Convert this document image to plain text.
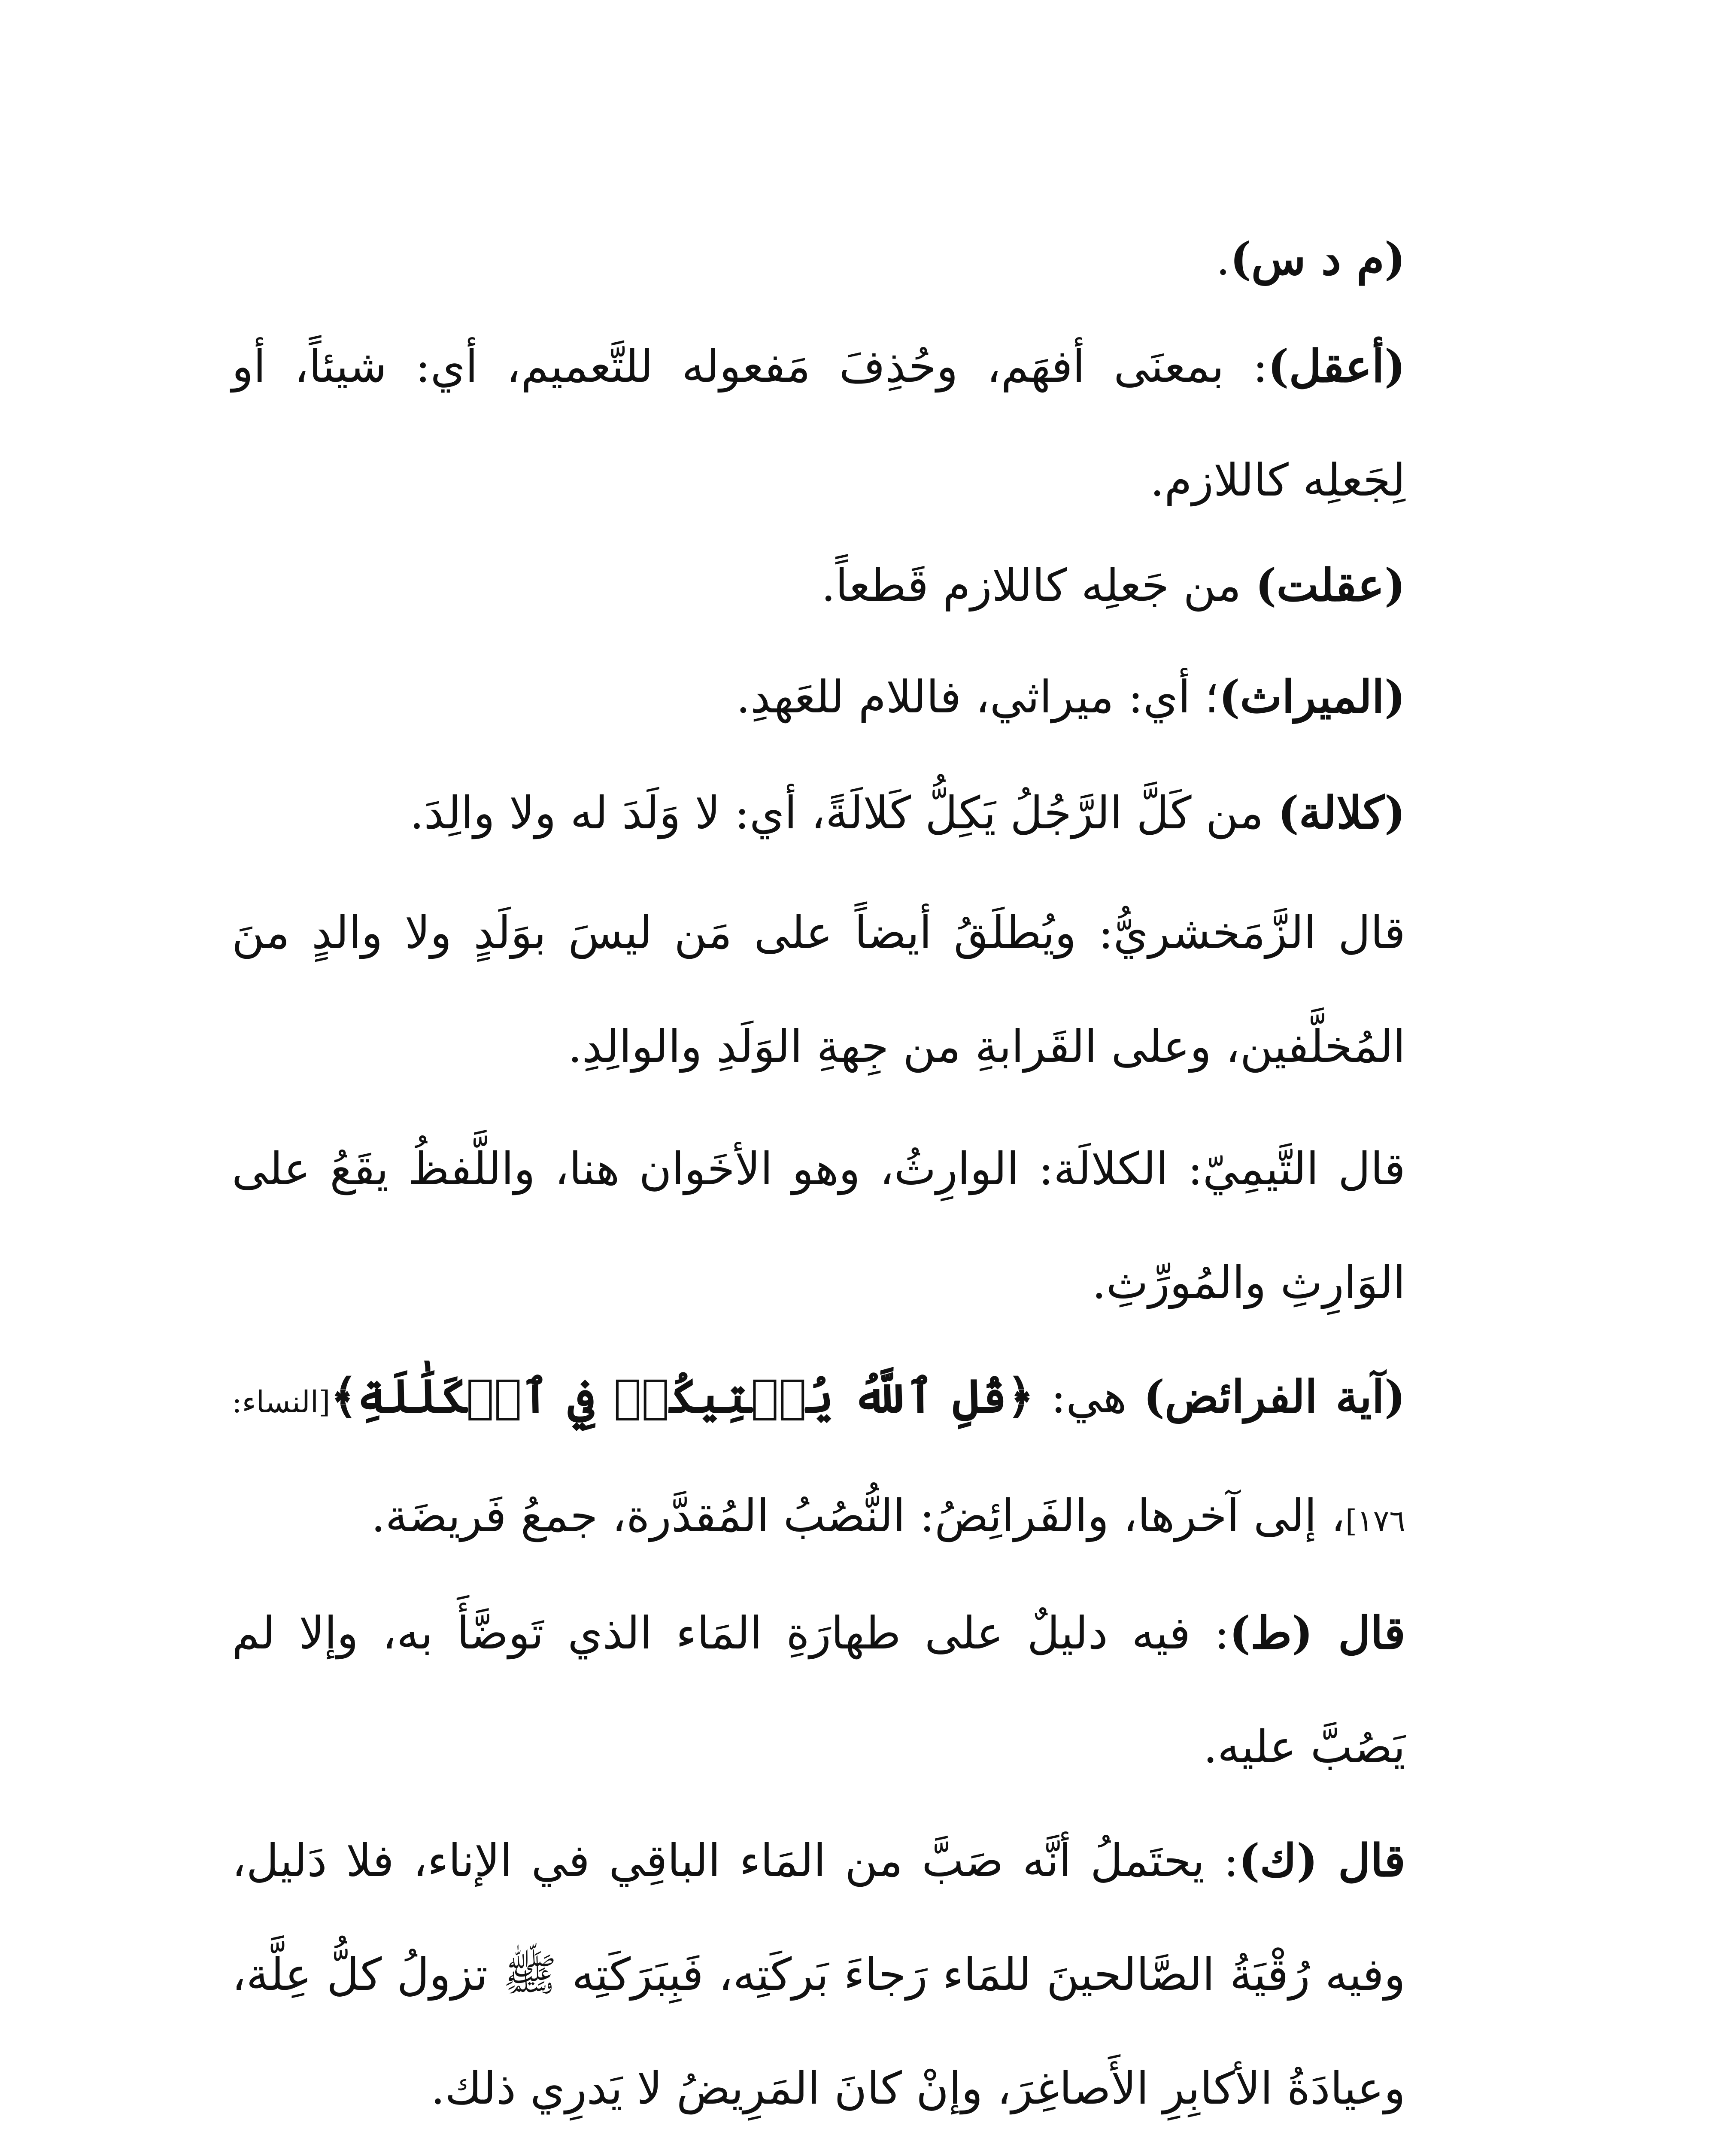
(م د س).
(أعقل): بمعنَى أفهَم، وحُذِفَ مَفعوله للتَّعميم، أي: شيئاً، أو لِجَعلِه كاللازم.
(عقلت) من جَعلِه كاللازم قَطعاً.
(الميراث)؛ أي: ميراثي، فاللام للعَهدِ.
(كلالة) من كَلَّ الرَّجُلُ يَكِلُّ كَلالَةً، أي: لا وَلَدَ له ولا والِدَ.
قال الزَّمَخشريُّ: ويُطلَقُ أيضاً على مَن ليسَ بوَلَدٍ ولا والدٍ منَ المُخلَّفين، وعلى القَرابةِ من جِهةِ الوَلَدِ والوالِدِ.
قال التَّيمِيّ: الكلالَة: الوارِثُ، وهو الأخَوان هنا، واللَّفظُ يقَعُ على الوَارِثِ والمُورِّثِ.
(آية الفرائض) هي: ﴿قُلِ ٱللَّهُ يُفۡتِيكُمۡ فِي ٱلۡكَلَٰلَةِ﴾[النساء: ١٧٦]، إلى آخرها، والفَرائِضُ: النُّصُبُ المُقدَّرة، جمعُ فَريضَة.
قال (ط): فيه دليلٌ على طهارَةِ المَاء الذي تَوضَّأَ به، وإلا لم يَصُبَّ عليه.
قال (ك): يحتَملُ أنَّه صَبَّ من المَاء الباقِي في الإناء، فلا دَليل، وفيه رُقْيَةُ الصَّالحينَ للمَاء رَجاءَ بَركَتِه، فَبِبَرَكَتِه ﷺ تزولُ كلُّ عِلَّة، وعيادَةُ الأكابِرِ الأَصاغِرَ، وإنْ كانَ المَرِيضُ لا يَدرِي ذلك.
